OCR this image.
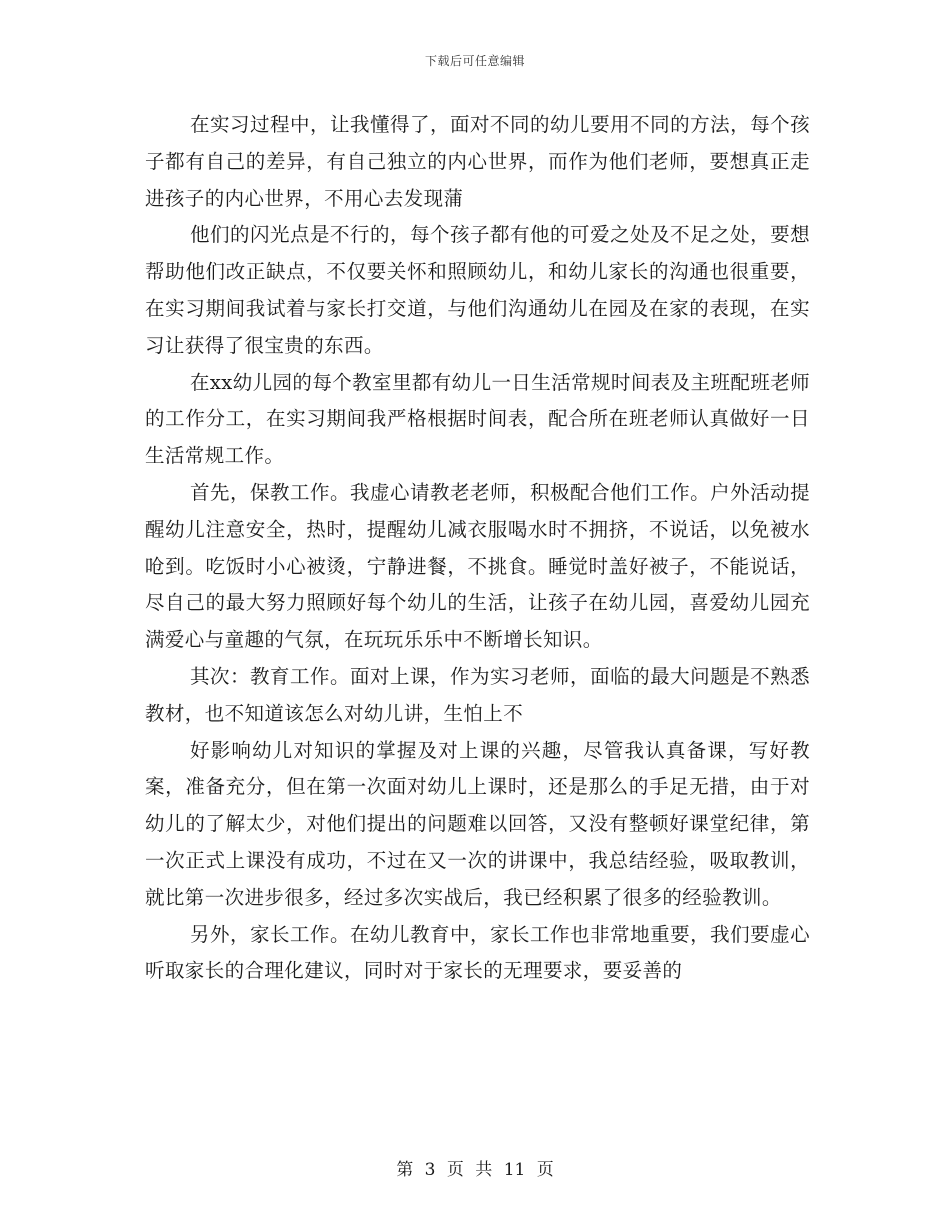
下载后可任意编辑

在实习过程中，让我懂得了，面对不同的幼儿要用不同的方法，每个孩子都有自己的差异，有自己独立的内心世界，而作为他们老师，要想真正走进孩子的内心世界，不用心去发现蒲

他们的闪光点是不行的，每个孩子都有他的可爱之处及不足之处，要想帮助他们改正缺点，不仅要关怀和照顾幼儿，和幼儿家长的沟通也很重要，在实习期间我试着与家长打交道，与他们沟通幼儿在园及在家的表现，在实习让获得了很宝贵的东西。

在xx幼儿园的每个教室里都有幼儿一日生活常规时间表及主班配班老师的工作分工，在实习期间我严格根据时间表，配合所在班老师认真做好一日生活常规工作。

首先，保教工作。我虚心请教老老师，积极配合他们工作。户外活动提醒幼儿注意安全，热时，提醒幼儿减衣服喝水时不拥挤，不说话，以免被水呛到。吃饭时小心被烫，宁静进餐，不挑食。睡觉时盖好被子，不能说话，尽自己的最大努力照顾好每个幼儿的生活，让孩子在幼儿园，喜爱幼儿园充满爱心与童趣的气氛，在玩玩乐乐中不断增长知识。

其次：教育工作。面对上课，作为实习老师，面临的最大问题是不熟悉教材，也不知道该怎么对幼儿讲，生怕上不

好影响幼儿对知识的掌握及对上课的兴趣，尽管我认真备课，写好教案，准备充分，但在第一次面对幼儿上课时，还是那么的手足无措，由于对幼儿的了解太少，对他们提出的问题难以回答，又没有整顿好课堂纪律，第一次正式上课没有成功，不过在又一次的讲课中，我总结经验，吸取教训，就比第一次进步很多，经过多次实战后，我已经积累了很多的经验教训。

另外，家长工作。在幼儿教育中，家长工作也非常地重要，我们要虚心听取家长的合理化建议，同时对于家长的无理要求，要妥善的

第 3 页 共 11 页
